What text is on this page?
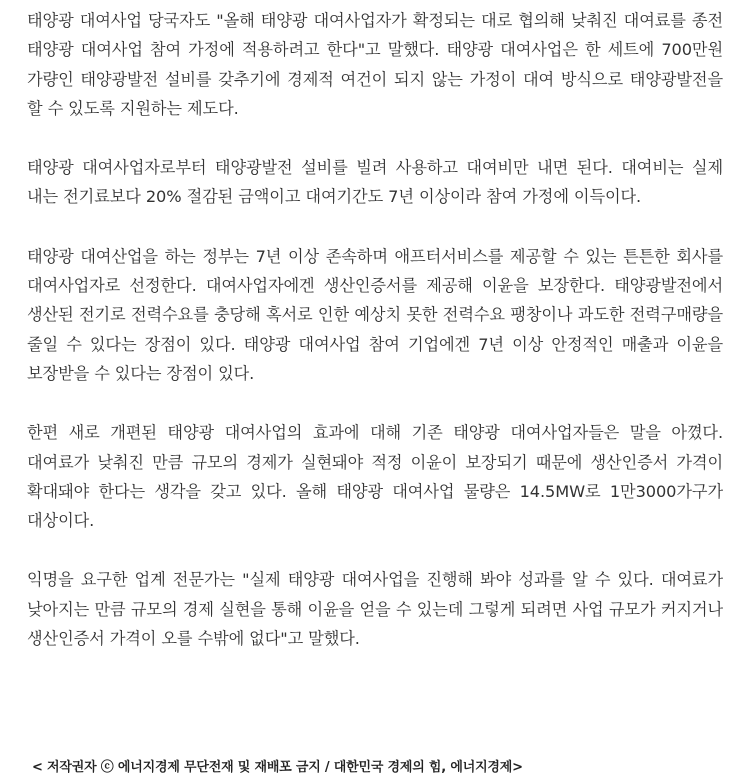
태양광 대여사업 당국자도 "올해 태양광 대여사업자가 확정되는 대로 협의해 낮춰진 대여료를 종전 태양광 대여사업 참여 가정에 적용하려고 한다"고 말했다. 태양광 대여사업은 한 세트에 700만원 가량인 태양광발전 설비를 갖추기에 경제적 여건이 되지 않는 가정이 대여 방식으로 태양광발전을 할 수 있도록 지원하는 제도다.

태양광 대여사업자로부터 태양광발전 설비를 빌려 사용하고 대여비만 내면 된다. 대여비는 실제 내는 전기료보다 20% 절감된 금액이고 대여기간도 7년 이상이라 참여 가정에 이득이다.

태양광 대여산업을 하는 정부는 7년 이상 존속하며 애프터서비스를 제공할 수 있는 튼튼한 회사를 대여사업자로 선정한다. 대여사업자에겐 생산인증서를 제공해 이윤을 보장한다. 태양광발전에서 생산된 전기로 전력수요를 충당해 혹서로 인한 예상치 못한 전력수요 팽창이나 과도한 전력구매량을 줄일 수 있다는 장점이 있다. 태양광 대여사업 참여 기업에겐 7년 이상 안정적인 매출과 이윤을 보장받을 수 있다는 장점이 있다.

한편 새로 개편된 태양광 대여사업의 효과에 대해 기존 태양광 대여사업자들은 말을 아꼈다. 대여료가 낮춰진 만큼 규모의 경제가 실현돼야 적정 이윤이 보장되기 때문에 생산인증서 가격이 확대돼야 한다는 생각을 갖고 있다. 올해 태양광 대여사업 물량은 14.5MW로 1만3000가구가 대상이다.

익명을 요구한 업계 전문가는 "실제 태양광 대여사업을 진행해 봐야 성과를 알 수 있다. 대여료가 낮아지는 만큼 규모의 경제 실현을 통해 이윤을 얻을 수 있는데 그렇게 되려면 사업 규모가 커지거나 생산인증서 가격이 오를 수밖에 없다"고 말했다.

< 저작권자 ⓒ 에너지경제 무단전재 및 재배포 금지 / 대한민국 경제의 힘, 에너지경제>
